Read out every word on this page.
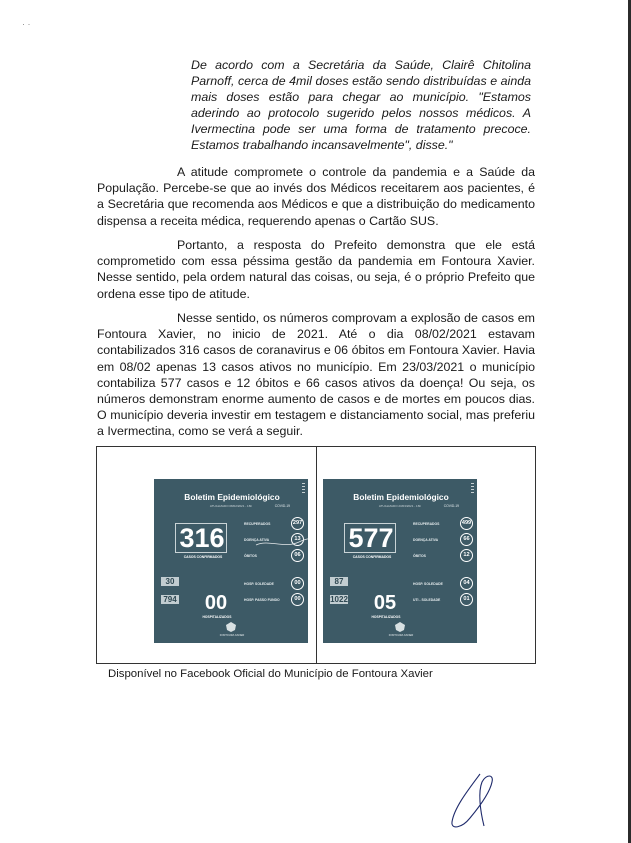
· ·
De acordo com a Secretária da Saúde, Clairê Chitolina Parnoff, cerca de 4mil doses estão sendo distribuídas e ainda mais doses estão para chegar ao município. "Estamos aderindo ao protocolo sugerido pelos nossos médicos. A Ivermectina pode ser uma forma de tratamento precoce. Estamos trabalhando incansavelmente", disse."
A atitude compromete o controle da pandemia e a Saúde da População. Percebe-se que ao invés dos Médicos receitarem aos pacientes, é a Secretária que recomenda aos Médicos e que a distribuição do medicamento dispensa a receita médica, requerendo apenas o Cartão SUS.
Portanto, a resposta do Prefeito demonstra que ele está comprometido com essa péssima gestão da pandemia em Fontoura Xavier. Nesse sentido, pela ordem natural das coisas, ou seja, é o próprio Prefeito que ordena esse tipo de atitude.
Nesse sentido, os números comprovam a explosão de casos em Fontoura Xavier, no inicio de 2021. Até o dia 08/02/2021 estavam contabilizados 316 casos de coranavirus e 06 óbitos em Fontoura Xavier. Havia em 08/02 apenas 13 casos ativos no município. Em 23/03/2021 o município contabiliza 577 casos e 12 óbitos e 66 casos ativos da doença! Ou seja, os números demonstram enorme aumento de casos e de mortes em poucos dias. O município deveria investir em testagem e distanciamento social, mas preferiu a Ivermectina, como se verá a seguir.
Boletim Epidemiológico
ATUALIZADO 08/02/2021 - 16h	COVID-19
316
CASOS CONFIRMADOS
RECUPERADOS	297
DOENÇA ATIVA	13
ÓBITOS	06
HOSP. SOLEDADE	00
HOSP. PASSO FUNDO	00
30
794	00
HOSPITALIZADOS
FONTOURA XAVIER
Boletim Epidemiológico
ATUALIZADO 23/03/2021 - 16h	COVID-19
577
CASOS CONFIRMADOS
RECUPERADOS	499
DOENÇA ATIVA	66
ÓBITOS	12
HOSP. SOLEDADE	04
UTI - SOLEDADE	01
87
1022	05
HOSPITALIZADOS
FONTOURA XAVIER
Disponível no Facebook Oficial do Município de Fontoura Xavier
